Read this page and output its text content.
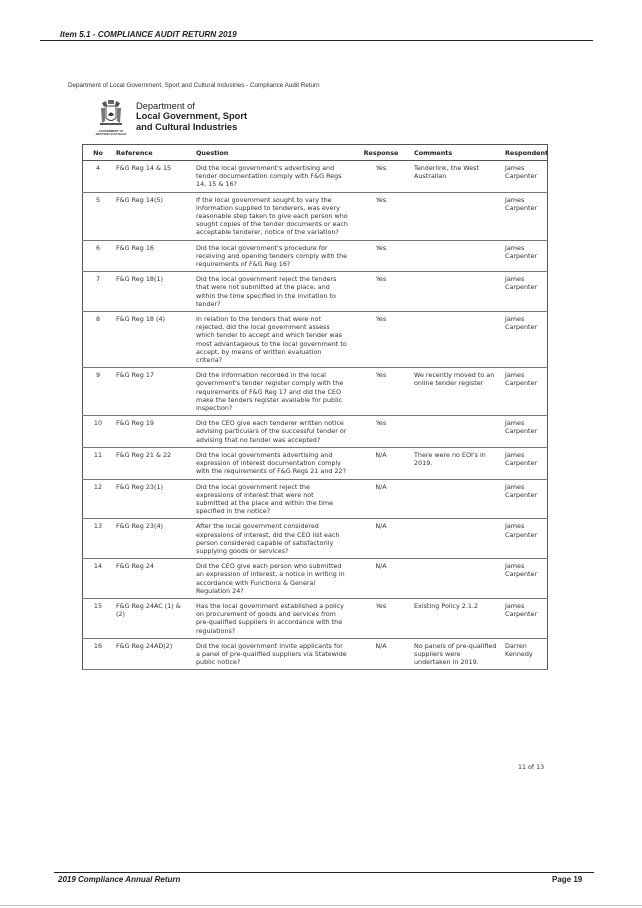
Item 5.1 - COMPLIANCE AUDIT RETURN 2019
Department of Local Government, Sport and Cultural Industries - Compliance Audit Return
GOVERNMENT OF
WESTERN AUSTRALIA
Department of
Local Government, Sport
and Cultural Industries
No	Reference	Question	Response	Comments	Respondent
4	F&G Reg 14 & 15	Did the local government's advertising and tender documentation comply with F&G Regs 14, 15 & 16?	Yes	Tenderlink, the West Australian	James Carpenter
5	F&G Reg 14(5)	If the local government sought to vary the information supplied to tenderers, was every reasonable step taken to give each person who sought copies of the tender documents or each acceptable tenderer, notice of the variation?	Yes		James Carpenter
6	F&G Reg 16	Did the local government's procedure for receiving and opening tenders comply with the requirements of F&G Reg 16?	Yes		James Carpenter
7	F&G Reg 18(1)	Did the local government reject the tenders that were not submitted at the place, and within the time specified in the invitation to tender?	Yes		James Carpenter
8	F&G Reg 18 (4)	In relation to the tenders that were not rejected, did the local government assess which tender to accept and which tender was most advantageous to the local government to accept, by means of written evaluation criteria?	Yes		James Carpenter
9	F&G Reg 17	Did the information recorded in the local government's tender register comply with the requirements of F&G Reg 17 and did the CEO make the tenders register available for public inspection?	Yes	We recently moved to an online tender register	James Carpenter
10	F&G Reg 19	Did the CEO give each tenderer written notice advising particulars of the successful tender or advising that no tender was accepted?	Yes		James Carpenter
11	F&G Reg 21 & 22	Did the local governments advertising and expression of interest documentation comply with the requirements of F&G Regs 21 and 22?	N/A	There were no EOI's in 2019.	James Carpenter
12	F&G Reg 23(1)	Did the local government reject the expressions of interest that were not submitted at the place and within the time specified in the notice?	N/A		James Carpenter
13	F&G Reg 23(4)	After the local government considered expressions of interest, did the CEO list each person considered capable of satisfactorily supplying goods or services?	N/A		James Carpenter
14	F&G Reg 24	Did the CEO give each person who submitted an expression of interest, a notice in writing in accordance with Functions & General Regulation 24?	N/A		James Carpenter
15	F&G Reg 24AC (1) & (2)	Has the local government established a policy on procurement of goods and services from pre-qualified suppliers in accordance with the regulations?	Yes	Existing Policy 2.1.2	James Carpenter
16	F&G Reg 24AD(2)	Did the local government invite applicants for a panel of pre-qualified suppliers via Statewide public notice?	N/A	No panels of pre-qualified suppliers were undertaken in 2019.	Darren Kennedy
11 of 13
2019 Compliance Annual Return	Page 19
